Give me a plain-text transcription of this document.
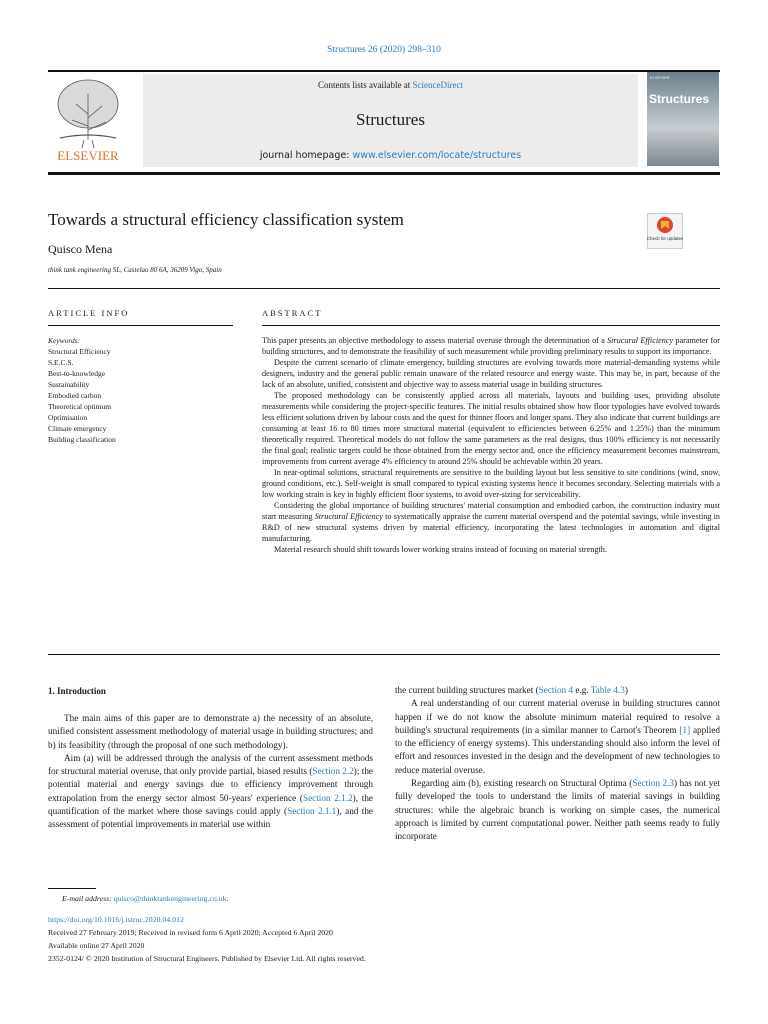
Structures 26 (2020) 298–310
ELSEVIER
Contents lists available at ScienceDirect
Structures
journal homepage: www.elsevier.com/locate/structures
ELSEVIER
Structures
Towards a structural efficiency classification system
Check for updates
Quisco Mena
think tank engineering SL, Castelao 80 6A, 36209 Vigo, Spain
ARTICLE INFO	ABSTRACT
Keywords:
Structural Efficiency
S.E.C.S.
Best-to-knowledge
Sustainability
Embodied carbon
Theoretical optimum
Optimisation
Climate emergency
Building classification

This paper presents an objective methodology to assess material overuse through the determination of a Strucural Efficiency parameter for building structures, and to demonstrate the feasibility of such measurement while providing preliminary results to support its importance.

Despite the current scenario of climate emergency, building structures are evolving towards more material-demanding systems while designers, industry and the general public remain unaware of the related resource and energy waste. This may be, in part, because of the lack of an absolute, unified, consistent and objective way to assess material usage in building structures.

The proposed methodology can be consistently applied across all materials, layouts and building uses, providing absolute measurements while considering the project-specific features. The initial results obtained show how floor typologies have evolved towards less efficient solutions driven by labour costs and the quest for thinner floors and longer spans. They also indicate that current buildings are consuming at least 16 to 80 times more structural material (equivalent to efficiencies between 6.25% and 1.25%) than the minimum theoretically required. Theoretical models do not follow the same parameters as the real designs, thus 100% efficiency is not necessarily the final goal; realistic targets could be those obtained from the energy sector and, once the efficiency measurement becomes mainstream, improvements from current average 4% efficiency to around 25% should be achievable within 20 years.

In near-optimal solutions, structural requirements are sensitive to the building layout but less sensitive to site conditions (wind, snow, ground conditions, etc.). Self-weight is small compared to typical existing systems hence it becomes secondary. Selecting materials with a low working strain is key in highly efficient floor systems, to avoid over-sizing for serviceability.

Considering the global importance of building structures' material consumption and embodied carbon, the construction industry must start measuring Structural Efficiency to systematically appraise the current material overspend and the potential savings, while investing in R&D of new structural systems driven by material efficiency, incorporating the latest technologies in automation and digital manufacturing.

Material research should shift towards lower working strains instead of focusing on material strength.

1. Introduction

The main aims of this paper are to demonstrate a) the necessity of an absolute, unified consistent assessment methodology of material usage in building structures; and b) its feasibility (through the proposal of one such methodology).

Aim (a) will be addressed through the analysis of the current assessment methods for structural material overuse, that only provide partial, biased results (Section 2.2); the potential material and energy savings due to efficiency improvement through extrapolation from the energy sector almost 50-years' experience (Section 2.1.2), the quantification of the market where those savings could apply (Section 2.1.1), and the assessment of potential improvements in material use within

the current building structures market (Section 4 e.g. Table 4.3)

A real understanding of our current material overuse in building structures cannot happen if we do not know the absolute minimum material required to resolve a building's structural requirements (in a similar manner to Carnot's Theorem [1] applied to the efficiency of energy systems). This understanding should also inform the level of effort and resources invested in the design and the development of new technologies to reduce material overuse.

Regarding aim (b), existing research on Structural Optima (Section 2.3) has not yet fully developed the tools to understand the limits of material savings in building structures: while the algebraic branch is working on simple cases, the numerical approach is limited by current computational power. Neither path seems ready to fully incorporate

E-mail address: quisco@thinktankengineering.co.uk.
https://doi.org/10.1016/j.istruc.2020.04.012
Received 27 February 2019; Received in revised form 6 April 2020; Accepted 6 April 2020
Available online 27 April 2020
2352-0124/ © 2020 Institution of Structural Engineers. Published by Elsevier Ltd. All rights reserved.
